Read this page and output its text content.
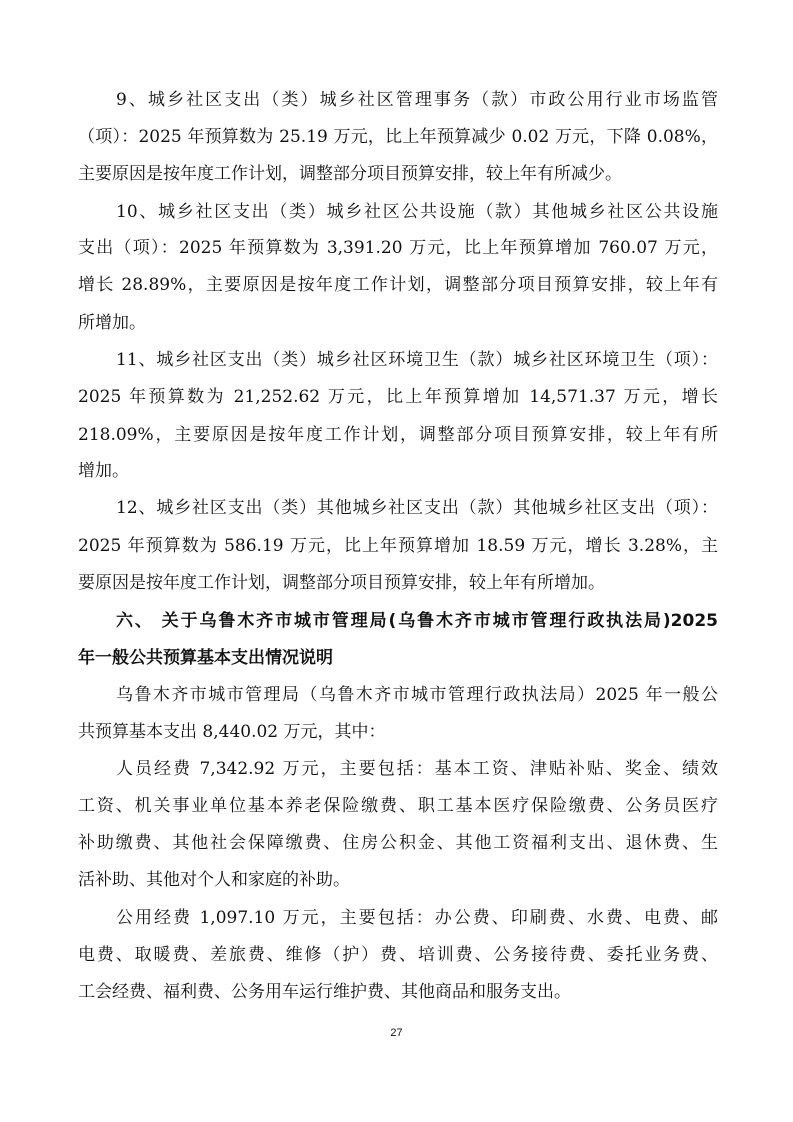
9、城乡社区支出（类）城乡社区管理事务（款）市政公用行业市场监管
（项）：2025 年预算数为 25.19 万元，比上年预算减少 0.02 万元，下降 0.08%，
主要原因是按年度工作计划，调整部分项目预算安排，较上年有所减少。
10、城乡社区支出（类）城乡社区公共设施（款）其他城乡社区公共设施
支出（项）：2025 年预算数为 3,391.20 万元，比上年预算增加 760.07 万元，
增长 28.89%，主要原因是按年度工作计划，调整部分项目预算安排，较上年有
所增加。
11、城乡社区支出（类）城乡社区环境卫生（款）城乡社区环境卫生（项）：
2025 年预算数为 21,252.62 万元，比上年预算增加 14,571.37 万元，增长
218.09%，主要原因是按年度工作计划，调整部分项目预算安排，较上年有所
增加。
12、城乡社区支出（类）其他城乡社区支出（款）其他城乡社区支出（项）：
2025 年预算数为 586.19 万元，比上年预算增加 18.59 万元，增长 3.28%，主
要原因是按年度工作计划，调整部分项目预算安排，较上年有所增加。
六、 关于乌鲁木齐市城市管理局(乌鲁木齐市城市管理行政执法局)2025
年一般公共预算基本支出情况说明
乌鲁木齐市城市管理局（乌鲁木齐市城市管理行政执法局）2025 年一般公
共预算基本支出 8,440.02 万元，其中：
人员经费 7,342.92 万元，主要包括：基本工资、津贴补贴、奖金、绩效
工资、机关事业单位基本养老保险缴费、职工基本医疗保险缴费、公务员医疗
补助缴费、其他社会保障缴费、住房公积金、其他工资福利支出、退休费、生
活补助、其他对个人和家庭的补助。
公用经费 1,097.10 万元，主要包括：办公费、印刷费、水费、电费、邮
电费、取暖费、差旅费、维修（护）费、培训费、公务接待费、委托业务费、
工会经费、福利费、公务用车运行维护费、其他商品和服务支出。
27
